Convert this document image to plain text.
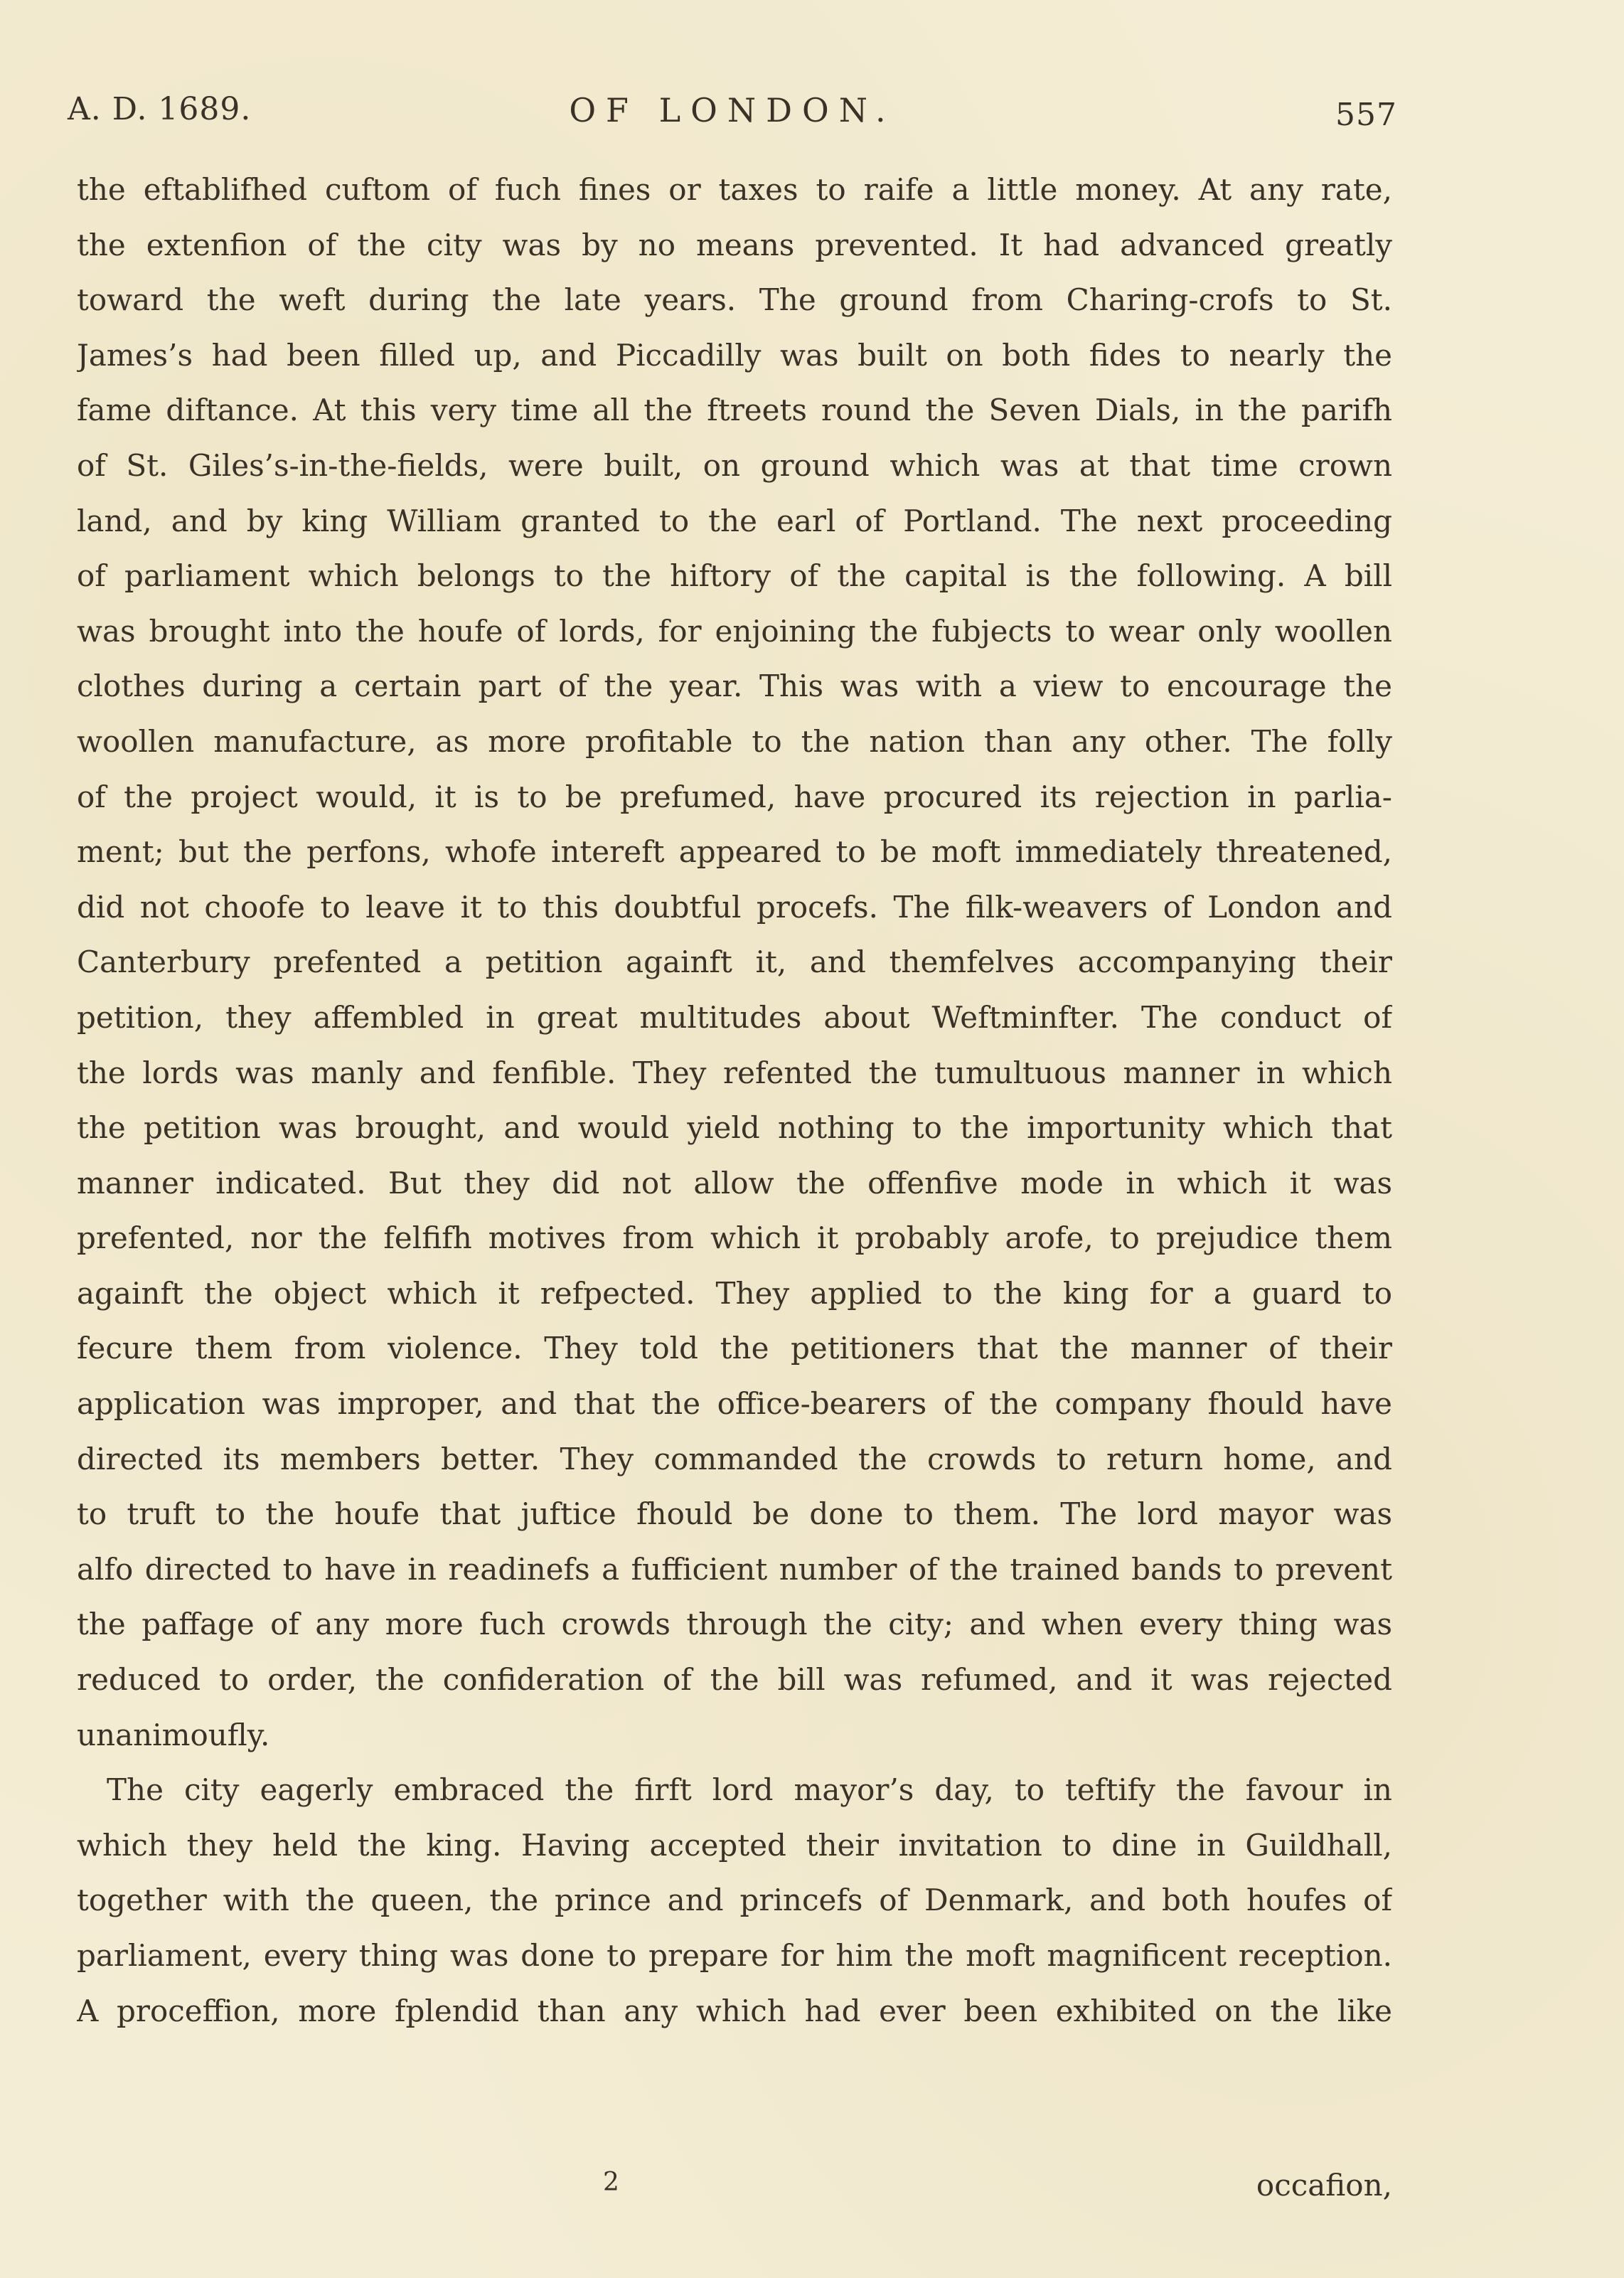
A. D. 1689.	OF LONDON.	557
the eftablifhed cuftom of fuch fines or taxes to raife a little money. At any rate,
the extenfion of the city was by no means prevented. It had advanced greatly
toward the weft during the late years. The ground from Charing-crofs to St.
James’s had been filled up, and Piccadilly was built on both fides to nearly the
fame diftance. At this very time all the ftreets round the Seven Dials, in the parifh
of St. Giles’s-in-the-fields, were built, on ground which was at that time crown
land, and by king William granted to the earl of Portland. The next proceeding
of parliament which belongs to the hiftory of the capital is the following. A bill
was brought into the houfe of lords, for enjoining the fubjects to wear only woollen
clothes during a certain part of the year. This was with a view to encourage the
woollen manufacture, as more profitable to the nation than any other. The folly
of the project would, it is to be prefumed, have procured its rejection in parlia-
ment; but the perfons, whofe intereft appeared to be moft immediately threatened,
did not choofe to leave it to this doubtful procefs. The filk-weavers of London and
Canterbury prefented a petition againft it, and themfelves accompanying their
petition, they affembled in great multitudes about Weftminfter. The conduct of
the lords was manly and fenfible. They refented the tumultuous manner in which
the petition was brought, and would yield nothing to the importunity which that
manner indicated. But they did not allow the offenfive mode in which it was
prefented, nor the felfifh motives from which it probably arofe, to prejudice them
againft the object which it refpected. They applied to the king for a guard to
fecure them from violence. They told the petitioners that the manner of their
application was improper, and that the office-bearers of the company fhould have
directed its members better. They commanded the crowds to return home, and
to truft to the houfe that juftice fhould be done to them. The lord mayor was
alfo directed to have in readinefs a fufficient number of the trained bands to prevent
the paffage of any more fuch crowds through the city; and when every thing was
reduced to order, the confideration of the bill was refumed, and it was rejected
unanimoufly.
The city eagerly embraced the firft lord mayor’s day, to teftify the favour in
which they held the king. Having accepted their invitation to dine in Guildhall,
together with the queen, the prince and princefs of Denmark, and both houfes of
parliament, every thing was done to prepare for him the moft magnificent reception.
A proceffion, more fplendid than any which had ever been exhibited on the like
2	occafion,
